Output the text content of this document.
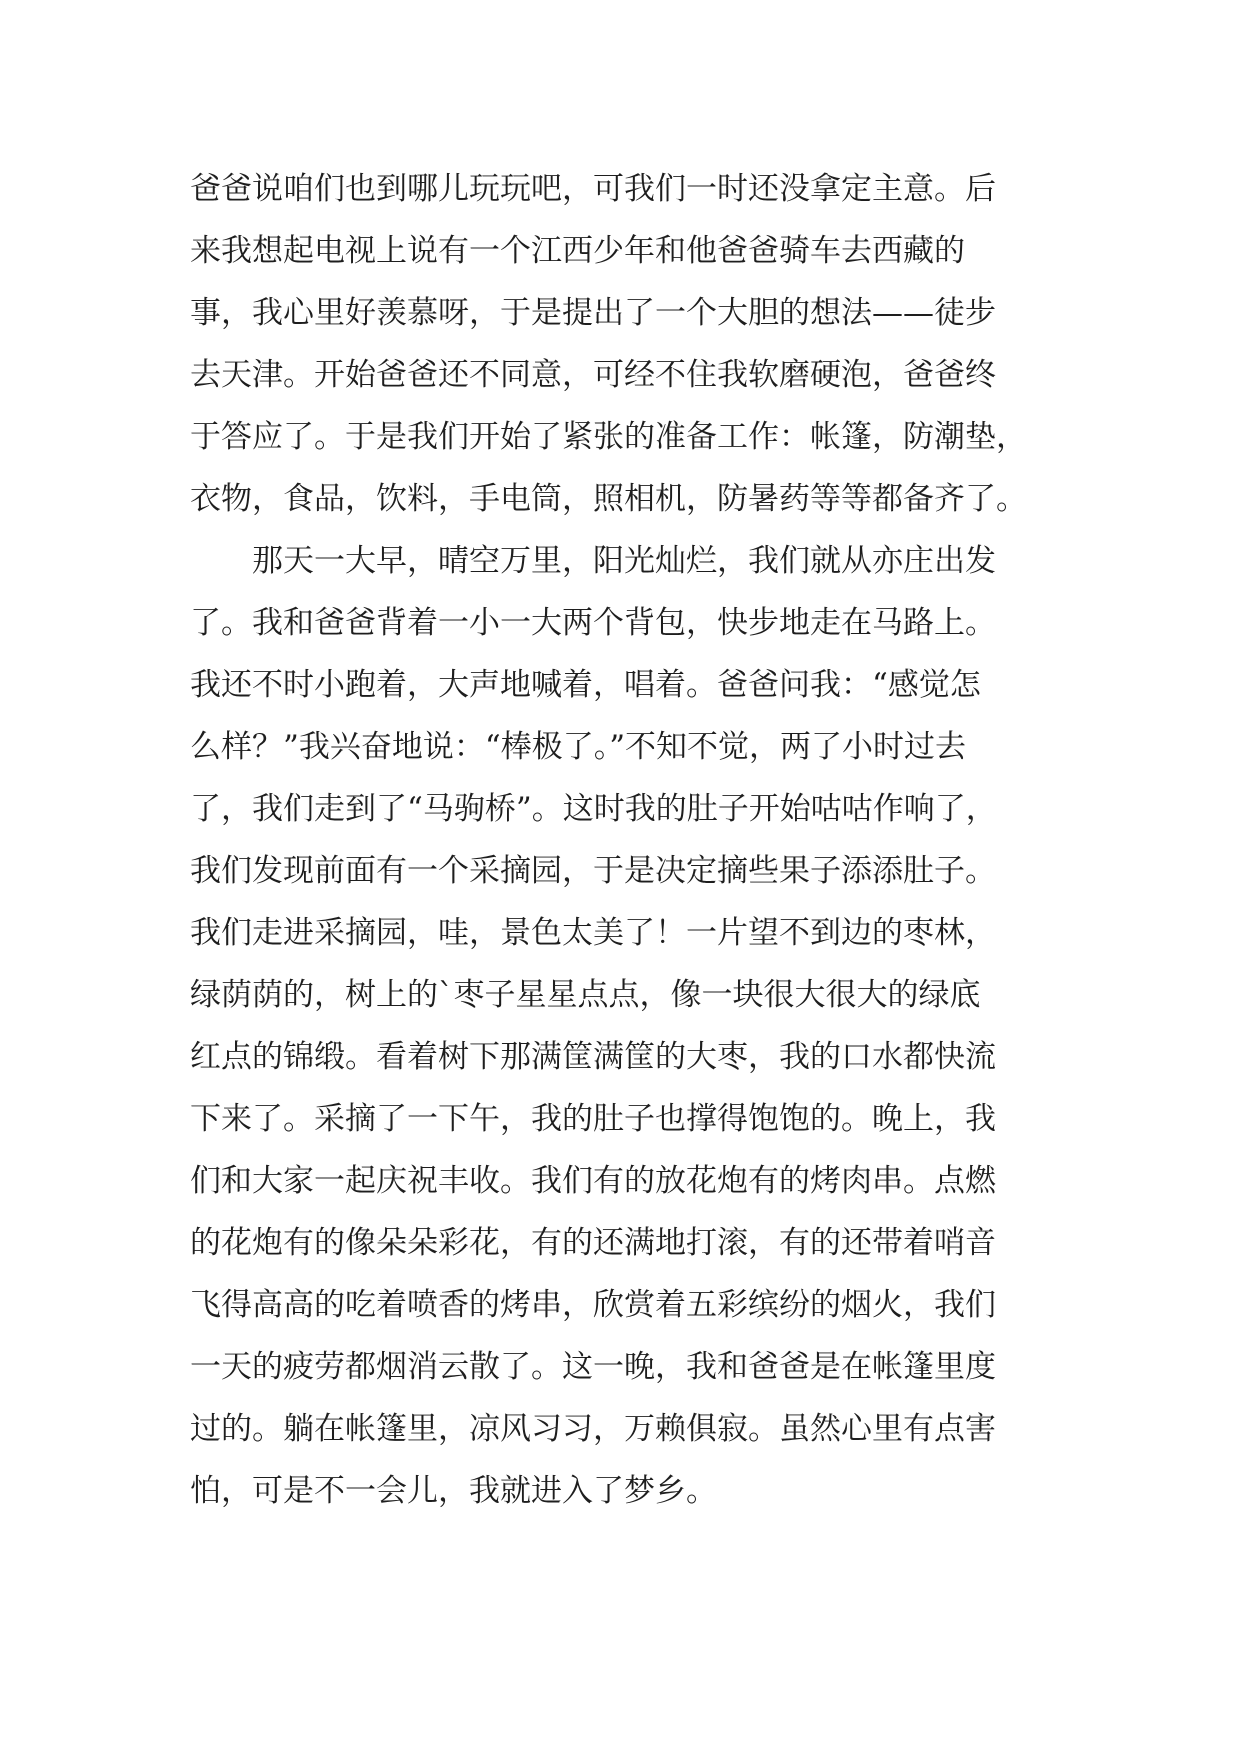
爸爸说咱们也到哪儿玩玩吧，可我们一时还没拿定主意。后
来我想起电视上说有一个江西少年和他爸爸骑车去西藏的
事，我心里好羡慕呀，于是提出了一个大胆的想法——徒步
去天津。开始爸爸还不同意，可经不住我软磨硬泡，爸爸终
于答应了。于是我们开始了紧张的准备工作：帐篷，防潮垫，
衣物，食品，饮料，手电筒，照相机，防暑药等等都备齐了。
　　那天一大早，晴空万里，阳光灿烂，我们就从亦庄出发
了。我和爸爸背着一小一大两个背包，快步地走在马路上。
我还不时小跑着，大声地喊着，唱着。爸爸问我：“感觉怎
么样？”我兴奋地说：“棒极了。”不知不觉，两了小时过去
了，我们走到了“马驹桥”。这时我的肚子开始咕咕作响了，
我们发现前面有一个采摘园，于是决定摘些果子添添肚子。
我们走进采摘园，哇，景色太美了！一片望不到边的枣林，
绿荫荫的，树上的`枣子星星点点，像一块很大很大的绿底
红点的锦缎。看着树下那满筐满筐的大枣，我的口水都快流
下来了。采摘了一下午，我的肚子也撑得饱饱的。晚上，我
们和大家一起庆祝丰收。我们有的放花炮有的烤肉串。点燃
的花炮有的像朵朵彩花，有的还满地打滚，有的还带着哨音
飞得高高的吃着喷香的烤串，欣赏着五彩缤纷的烟火，我们
一天的疲劳都烟消云散了。这一晚，我和爸爸是在帐篷里度
过的。躺在帐篷里，凉风习习，万赖俱寂。虽然心里有点害
怕，可是不一会儿，我就进入了梦乡。
